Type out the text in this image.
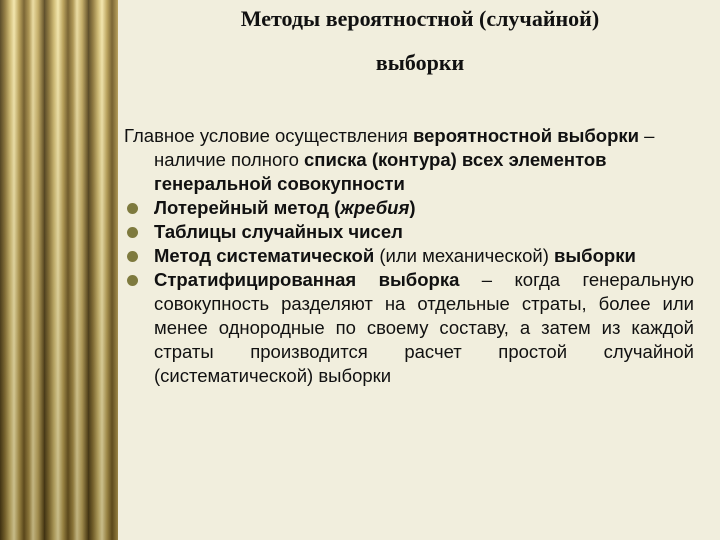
Методы вероятностной (случайной)
выборки

Главное условие осуществления вероятностной выборки – наличие полного списка (контура) всех элементов генеральной совокупности

Лотерейный метод (жребия)
Таблицы случайных чисел
Метод систематической (или механической) выборки
Стратифицированная выборка – когда генеральную совокупность разделяют на отдельные страты, более или менее однородные по своему составу, а затем из каждой страты производится расчет простой случайной (систематической) выборки
